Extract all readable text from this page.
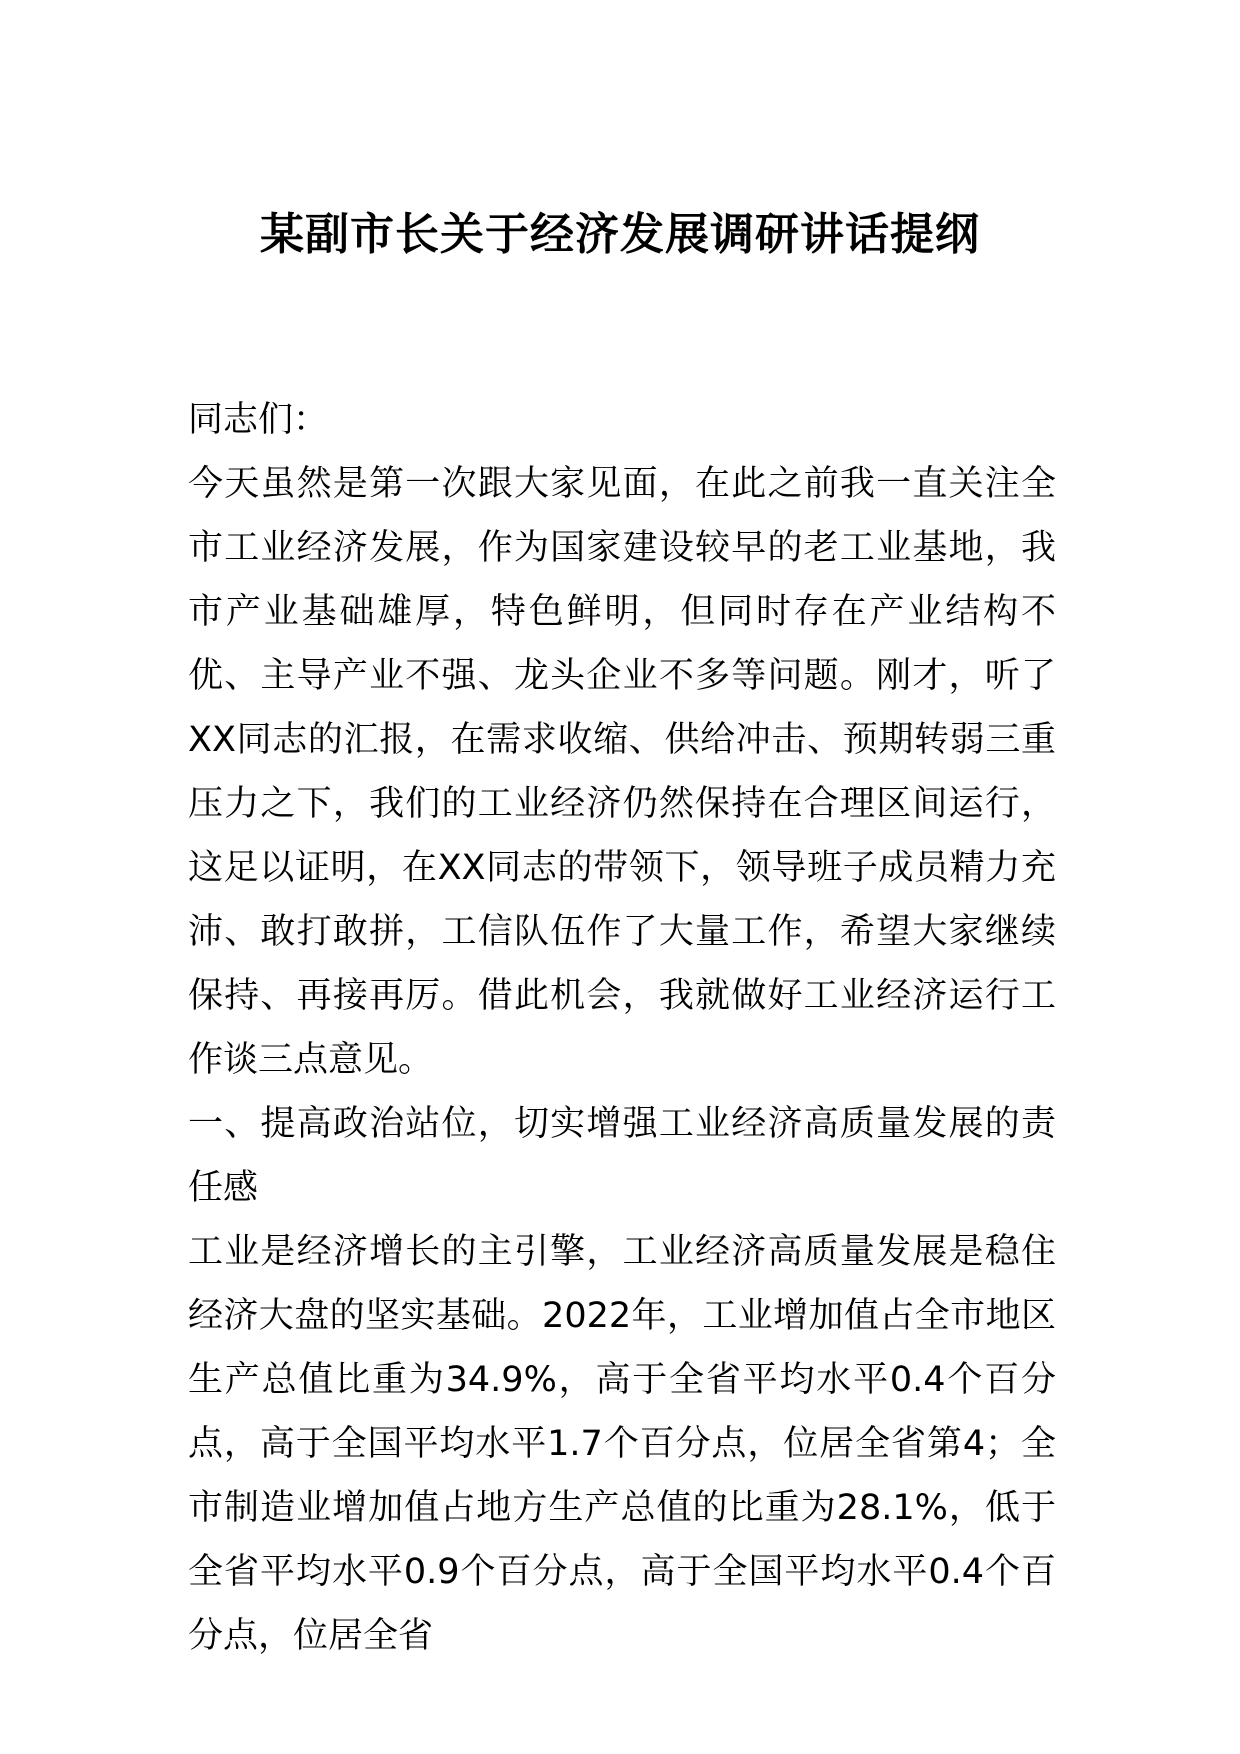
某副市长关于经济发展调研讲话提纲

同志们：

今天虽然是第一次跟大家见面，在此之前我一直关注全市工业经济发展，作为国家建设较早的老工业基地，我市产业基础雄厚，特色鲜明，但同时存在产业结构不优、主导产业不强、龙头企业不多等问题。刚才，听了XX同志的汇报，在需求收缩、供给冲击、预期转弱三重压力之下，我们的工业经济仍然保持在合理区间运行，这足以证明，在XX同志的带领下，领导班子成员精力充沛、敢打敢拼，工信队伍作了大量工作，希望大家继续保持、再接再厉。借此机会，我就做好工业经济运行工作谈三点意见。

一、提高政治站位，切实增强工业经济高质量发展的责任感

工业是经济增长的主引擎，工业经济高质量发展是稳住经济大盘的坚实基础。2022年，工业增加值占全市地区生产总值比重为34.9%，高于全省平均水平0.4个百分点，高于全国平均水平1.7个百分点，位居全省第4；全市制造业增加值占地方生产总值的比重为28.1%，低于全省平均水平0.9个百分点，高于全国平均水平0.4个百分点，位居全省
